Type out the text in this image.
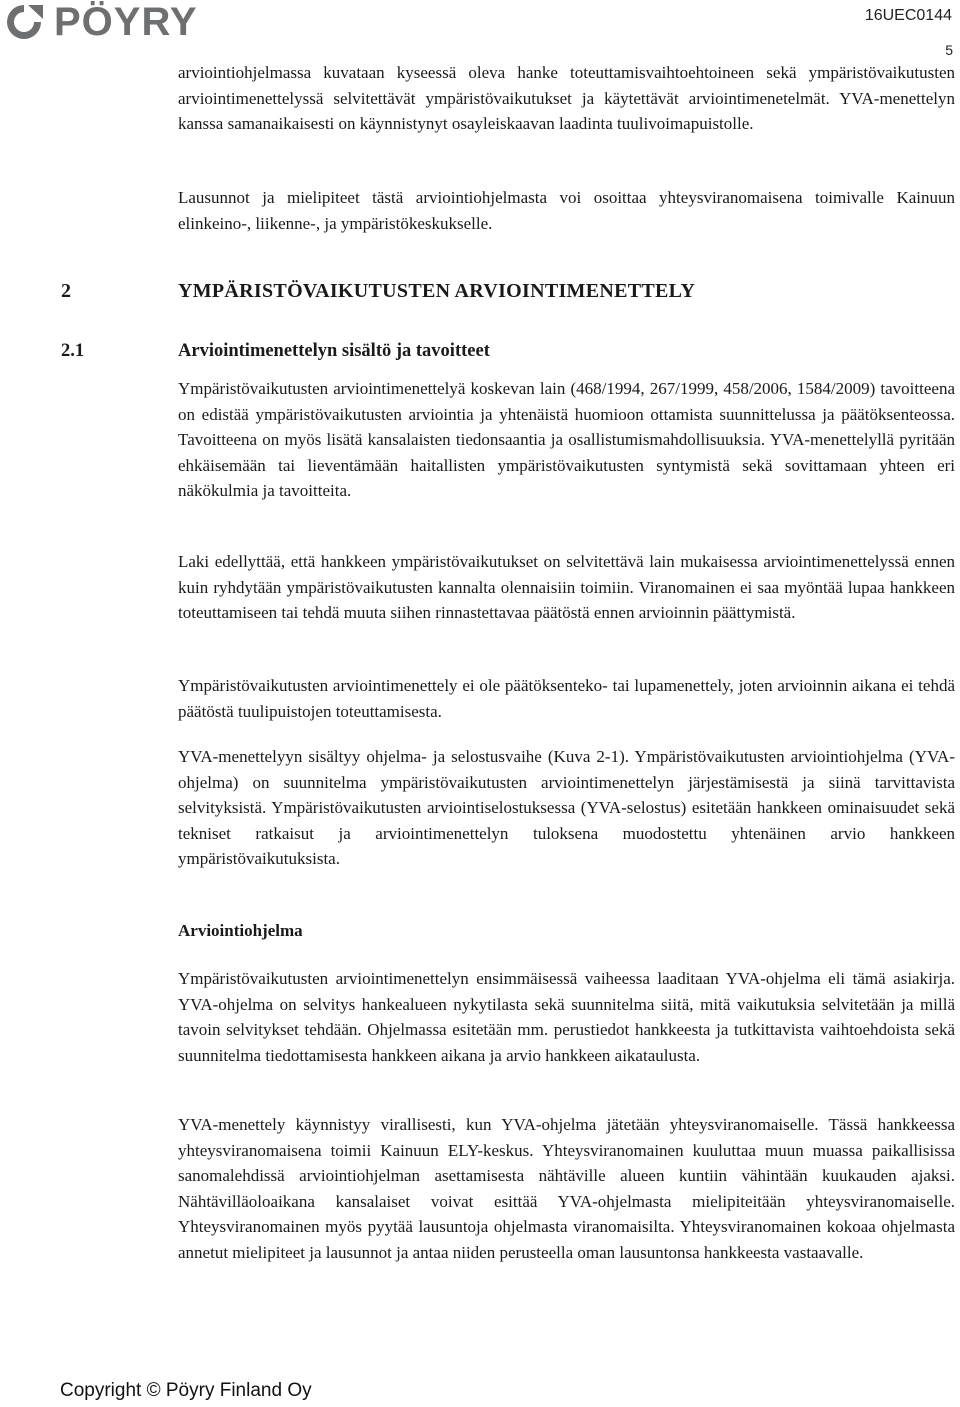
PÖYRY	16UEC0144
5

arviointiohjelmassa kuvataan kyseessä oleva hanke toteuttamisvaihtoehtoineen sekä ympäristövaikutusten arviointimenettelyssä selvitettävät ympäristövaikutukset ja käytettävät arviointimenetelmät. YVA-menettelyn kanssa samanaikaisesti on käynnistynyt osayleiskaavan laadinta tuulivoimapuistolle.

Lausunnot ja mielipiteet tästä arviointiohjelmasta voi osoittaa yhteysviranomaisena toimivalle Kainuun elinkeino-, liikenne-, ja ympäristökeskukselle.

2	YMPÄRISTÖVAIKUTUSTEN ARVIOINTIMENETTELY
2.1	Arviointimenettelyn sisältö ja tavoitteet

Ympäristövaikutusten arviointimenettelyä koskevan lain (468/1994, 267/1999, 458/2006, 1584/2009) tavoitteena on edistää ympäristövaikutusten arviointia ja yhtenäistä huomioon ottamista suunnittelussa ja päätöksenteossa. Tavoitteena on myös lisätä kansalaisten tiedonsaantia ja osallistumismahdollisuuksia. YVA-menettelyllä pyritään ehkäisemään tai lieventämään haitallisten ympäristövaikutusten syntymistä sekä sovittamaan yhteen eri näkökulmia ja tavoitteita.

Laki edellyttää, että hankkeen ympäristövaikutukset on selvitettävä lain mukaisessa arviointimenettelyssä ennen kuin ryhdytään ympäristövaikutusten kannalta olennaisiin toimiin. Viranomainen ei saa myöntää lupaa hankkeen toteuttamiseen tai tehdä muuta siihen rinnastettavaa päätöstä ennen arvioinnin päättymistä.

Ympäristövaikutusten arviointimenettely ei ole päätöksenteko- tai lupamenettely, joten arvioinnin aikana ei tehdä päätöstä tuulipuistojen toteuttamisesta.

YVA-menettelyyn sisältyy ohjelma- ja selostusvaihe (Kuva 2-1). Ympäristövaikutusten arviointiohjelma (YVA-ohjelma) on suunnitelma ympäristövaikutusten arviointimenettelyn järjestämisestä ja siinä tarvittavista selvityksistä. Ympäristövaikutusten arviointiselostuksessa (YVA-selostus) esitetään hankkeen ominaisuudet sekä tekniset ratkaisut ja arviointimenettelyn tuloksena muodostettu yhtenäinen arvio hankkeen ympäristövaikutuksista.

Arviointiohjelma

Ympäristövaikutusten arviointimenettelyn ensimmäisessä vaiheessa laaditaan YVA-ohjelma eli tämä asiakirja. YVA-ohjelma on selvitys hankealueen nykytilasta sekä suunnitelma siitä, mitä vaikutuksia selvitetään ja millä tavoin selvitykset tehdään. Ohjelmassa esitetään mm. perustiedot hankkeesta ja tutkittavista vaihtoehdoista sekä suunnitelma tiedottamisesta hankkeen aikana ja arvio hankkeen aikataulusta.

YVA-menettely käynnistyy virallisesti, kun YVA-ohjelma jätetään yhteysviranomaiselle. Tässä hankkeessa yhteysviranomaisena toimii Kainuun ELY-keskus. Yhteysviranomainen kuuluttaa muun muassa paikallisissa sanomalehdissä arviointiohjelman asettamisesta nähtäville alueen kuntiin vähintään kuukauden ajaksi. Nähtävilläoloaikana kansalaiset voivat esittää YVA-ohjelmasta mielipiteitään yhteysviranomaiselle. Yhteysviranomainen myös pyytää lausuntoja ohjelmasta viranomaisilta. Yhteysviranomainen kokoaa ohjelmasta annetut mielipiteet ja lausunnot ja antaa niiden perusteella oman lausuntonsa hankkeesta vastaavalle.

Copyright © Pöyry Finland Oy
